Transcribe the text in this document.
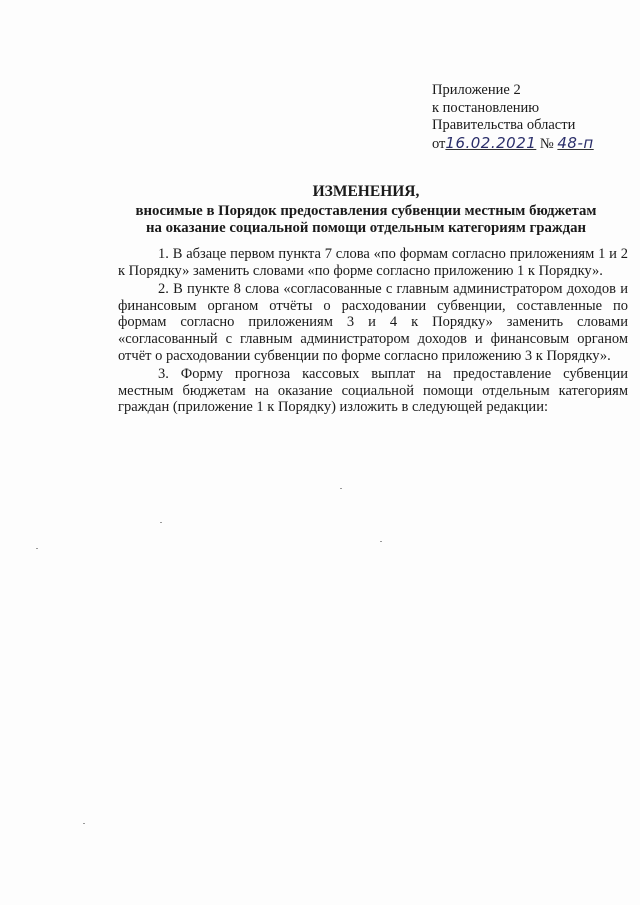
Приложение 2
к постановлению
Правительства области
от16.02.2021 № 48-п
ИЗМЕНЕНИЯ,
вносимые в Порядок предоставления субвенции местным бюджетам
на оказание социальной помощи отдельным категориям граждан

1. В абзаце первом пункта 7 слова «по формам согласно приложениям 1 и 2 к Порядку» заменить словами «по форме согласно приложению 1 к Порядку».

2. В пункте 8 слова «согласованные с главным администратором доходов и финансовым органом отчёты о расходовании субвенции, составленные по формам согласно приложениям 3 и 4 к Порядку» заменить словами «согласованный с главным администратором доходов и финансовым органом отчёт о расходовании субвенции по форме согласно приложению 3 к Порядку».

3. Форму прогноза кассовых выплат на предоставление субвенции местным бюджетам на оказание социальной помощи отдельным категориям граждан (приложение 1 к Порядку) изложить в следующей редакции:
